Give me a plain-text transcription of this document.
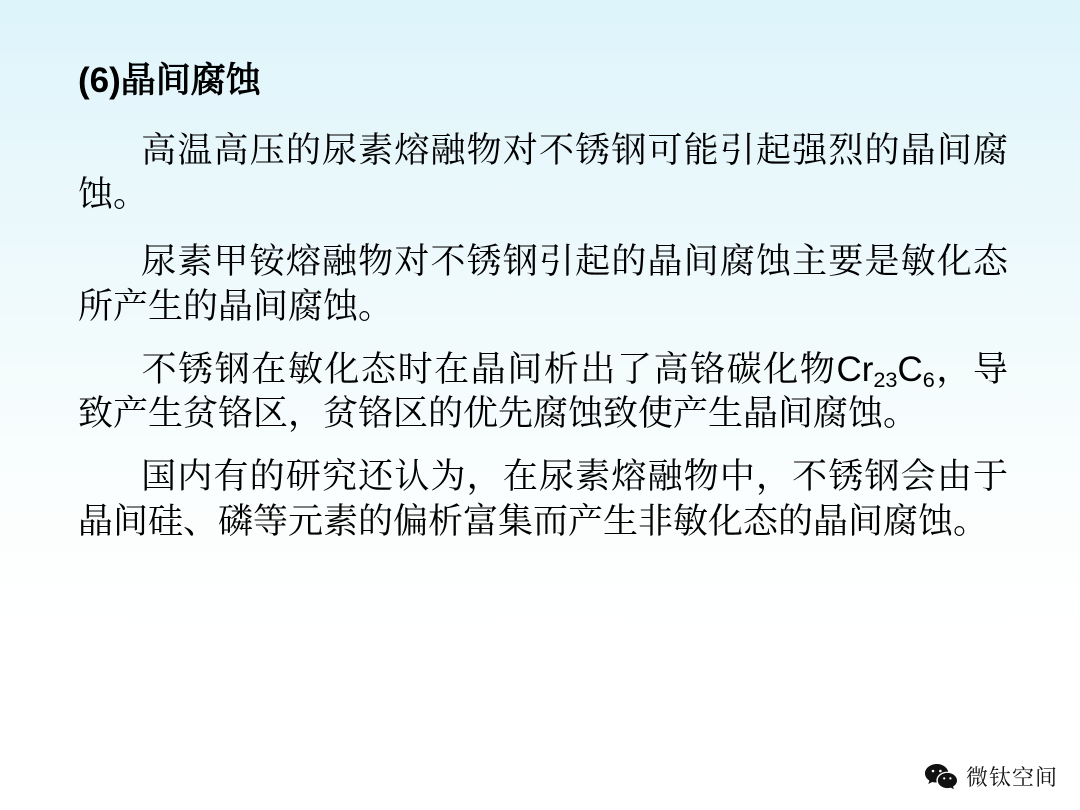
(6)晶间腐蚀

高温高压的尿素熔融物对不锈钢可能引起强烈的晶间腐蚀。

尿素甲铵熔融物对不锈钢引起的晶间腐蚀主要是敏化态所产生的晶间腐蚀。

不锈钢在敏化态时在晶间析出了高铬碳化物$Cr_{23}C_6$，导致产生贫铬区，贫铬区的优先腐蚀致使产生晶间腐蚀。

国内有的研究还认为，在尿素熔融物中，不锈钢会由于晶间硅、磷等元素的偏析富集而产生非敏化态的晶间腐蚀。

微钛空间
